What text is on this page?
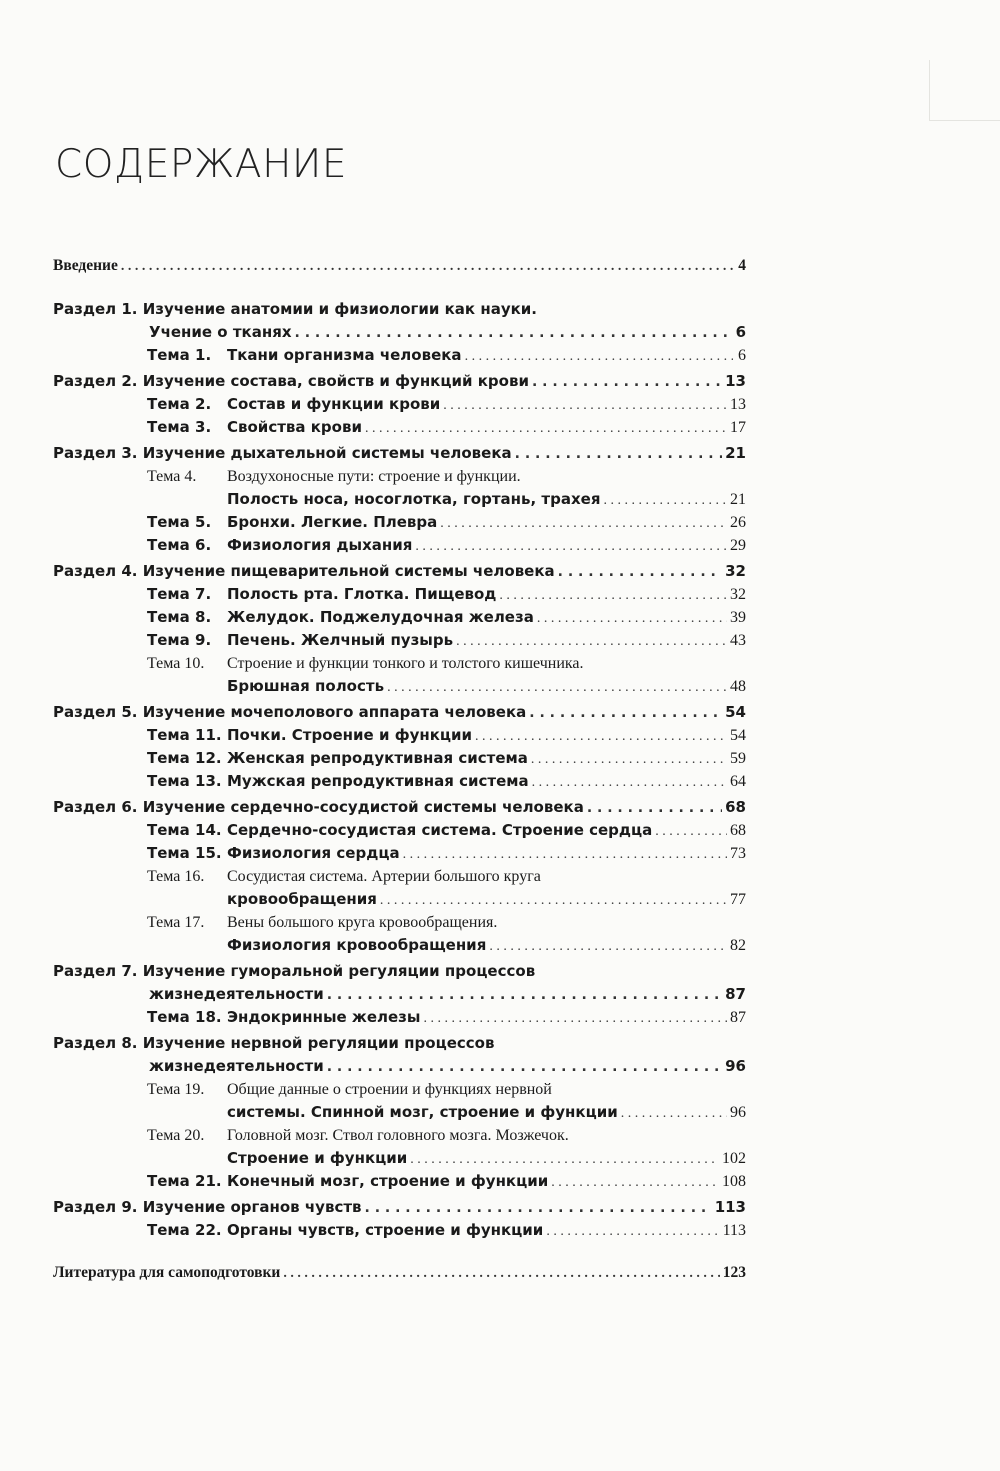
СОДЕРЖАНИЕ
Введение . . .	4
Раздел 1. Изучение анатомии и физиологии как науки.
Учение о тканях . . .	6
Тема 1. Ткани организма человека . . .	6
Раздел 2. Изучение состава, свойств и функций крови . . .	13
Тема 2. Состав и функции крови . . .	13
Тема 3. Свойства крови . . .	17
Раздел 3. Изучение дыхательной системы человека . . .	21
Тема 4. Воздухоносные пути: строение и функции.
Полость носа, носоглотка, гортань, трахея . . .	21
Тема 5. Бронхи. Легкие. Плевра . . .	26
Тема 6. Физиология дыхания . . .	29
Раздел 4. Изучение пищеварительной системы человека . . .	32
Тема 7. Полость рта. Глотка. Пищевод . . .	32
Тема 8. Желудок. Поджелудочная железа . . .	39
Тема 9. Печень. Желчный пузырь . . .	43
Тема 10. Строение и функции тонкого и толстого кишечника.
Брюшная полость . . .	48
Раздел 5. Изучение мочеполового аппарата человека . . .	54
Тема 11. Почки. Строение и функции . . .	54
Тема 12. Женская репродуктивная система . . .	59
Тема 13. Мужская репродуктивная система . . .	64
Раздел 6. Изучение сердечно-сосудистой системы человека . . .	68
Тема 14. Сердечно-сосудистая система. Строение сердца . . .	68
Тема 15. Физиология сердца . . .	73
Тема 16. Сосудистая система. Артерии большого круга
кровообращения . . .	77
Тема 17. Вены большого круга кровообращения.
Физиология кровообращения . . .	82
Раздел 7. Изучение гуморальной регуляции процессов
жизнедеятельности . . .	87
Тема 18. Эндокринные железы . . .	87
Раздел 8. Изучение нервной регуляции процессов
жизнедеятельности . . .	96
Тема 19. Общие данные о строении и функциях нервной
системы. Спинной мозг, строение и функции . . .	96
Тема 20. Головной мозг. Ствол головного мозга. Мозжечок.
Строение и функции . . .	102
Тема 21. Конечный мозг, строение и функции . . .	108
Раздел 9. Изучение органов чувств . . .	113
Тема 22. Органы чувств, строение и функции . . .	113
Литература для самоподготовки . . .	123
